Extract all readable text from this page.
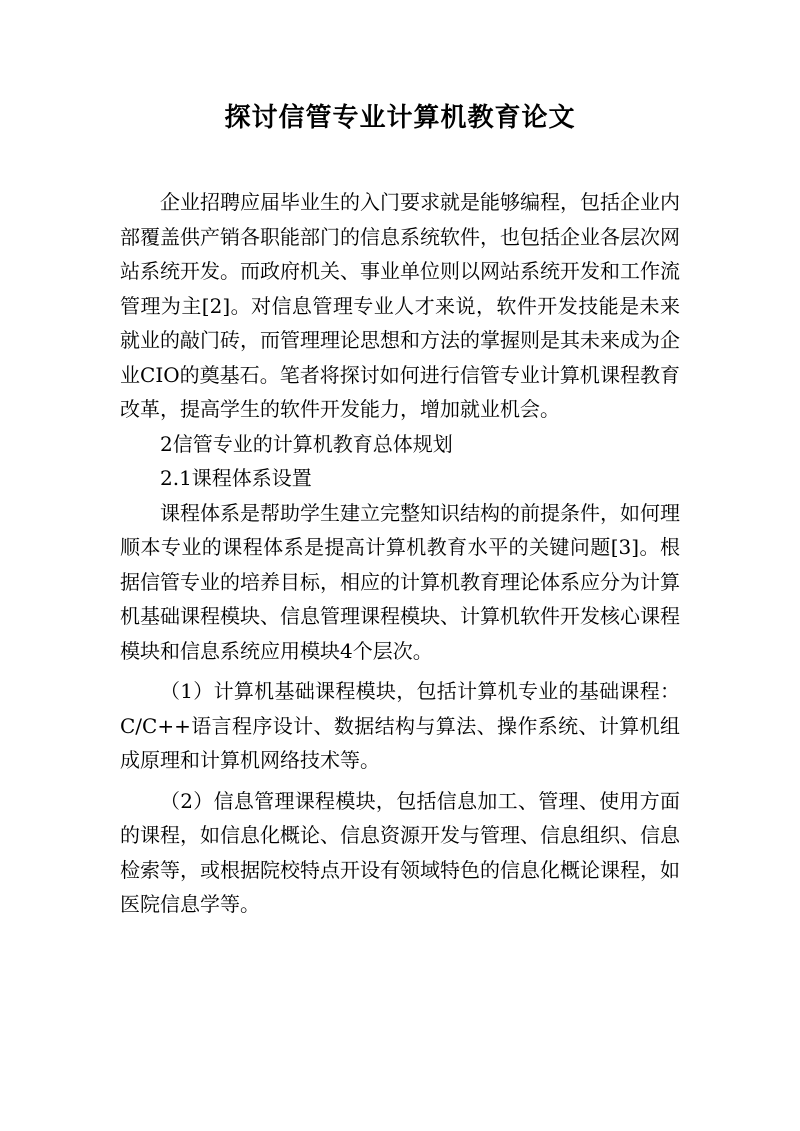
探讨信管专业计算机教育论文

企业招聘应届毕业生的入门要求就是能够编程，包括企业内部覆盖供产销各职能部门的信息系统软件，也包括企业各层次网站系统开发。而政府机关、事业单位则以网站系统开发和工作流管理为主[2]。对信息管理专业人才来说，软件开发技能是未来就业的敲门砖，而管理理论思想和方法的掌握则是其未来成为企业CIO的奠基石。笔者将探讨如何进行信管专业计算机课程教育改革，提高学生的软件开发能力，增加就业机会。

2信管专业的计算机教育总体规划

2.1课程体系设置

课程体系是帮助学生建立完整知识结构的前提条件，如何理顺本专业的课程体系是提高计算机教育水平的关键问题[3]。根据信管专业的培养目标，相应的计算机教育理论体系应分为计算机基础课程模块、信息管理课程模块、计算机软件开发核心课程模块和信息系统应用模块4个层次。

（1）计算机基础课程模块，包括计算机专业的基础课程：C/C++语言程序设计、数据结构与算法、操作系统、计算机组成原理和计算机网络技术等。

（2）信息管理课程模块，包括信息加工、管理、使用方面的课程，如信息化概论、信息资源开发与管理、信息组织、信息检索等，或根据院校特点开设有领域特色的信息化概论课程，如医院信息学等。
